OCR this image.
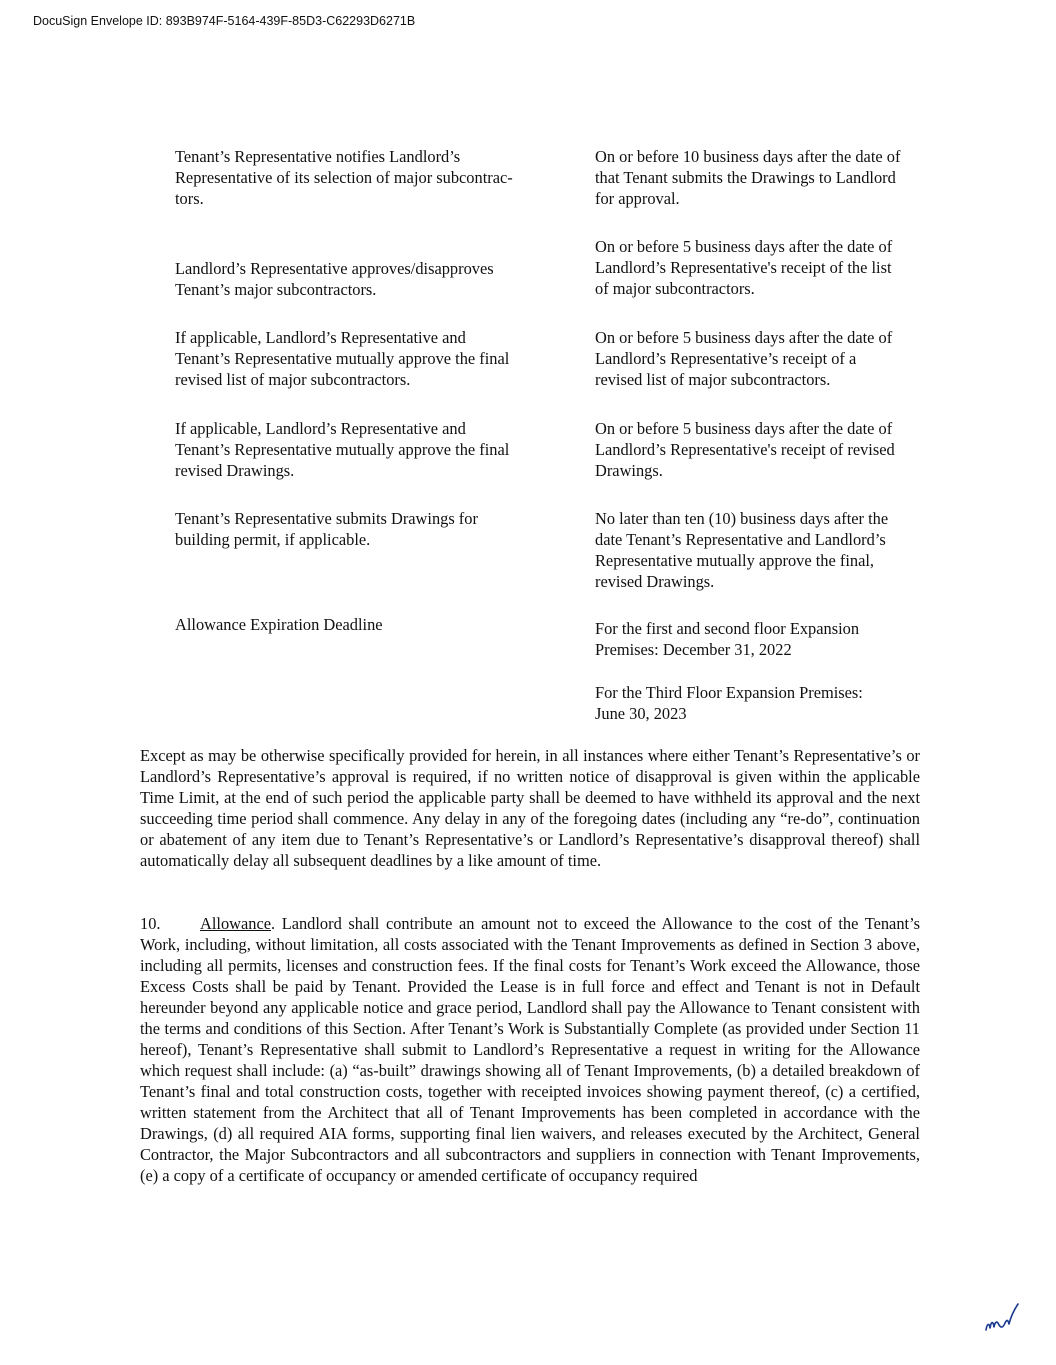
DocuSign Envelope ID: 893B974F-5164-439F-85D3-C62293D6271B
Tenant’s Representative notifies Landlord’s
Representative of its selection of major subcontrac-
tors.
On or before 10 business days after the date of
that Tenant submits the Drawings to Landlord
for approval.
Landlord’s Representative approves/disapproves
Tenant’s major subcontractors.
On or before 5 business days after the date of
Landlord’s Representative's receipt of the list
of major subcontractors.
If applicable, Landlord’s Representative and
Tenant’s Representative mutually approve the final
revised list of major subcontractors.
On or before 5 business days after the date of
Landlord’s Representative’s receipt of a
revised list of major subcontractors.
If applicable, Landlord’s Representative and
Tenant’s Representative mutually approve the final
revised Drawings.
On or before 5 business days after the date of
Landlord’s Representative's receipt of revised
Drawings.
Tenant’s Representative submits Drawings for
building permit, if applicable.
No later than ten (10) business days after the
date Tenant’s Representative and Landlord’s
Representative mutually approve the final,
revised Drawings.
Allowance Expiration Deadline	For the first and second floor Expansion
Premises: December 31, 2022
For the Third Floor Expansion Premises:
June 30, 2023
Except as may be otherwise specifically provided for herein, in all instances where either Tenant’s Representative’s or Landlord’s Representative’s approval is required, if no written notice of disapproval is given within the applicable Time Limit, at the end of such period the applicable party shall be deemed to have withheld its approval and the next succeeding time period shall commence. Any delay in any of the foregoing dates (including any “re-do”, continuation or abatement of any item due to Tenant’s Representative’s or Landlord’s Representative’s disapproval thereof) shall automatically delay all subsequent deadlines by a like amount of time.
10. Allowance. Landlord shall contribute an amount not to exceed the Allowance to the cost of the Tenant’s Work, including, without limitation, all costs associated with the Tenant Improvements as defined in Section 3 above, including all permits, licenses and construction fees. If the final costs for Tenant’s Work exceed the Allowance, those Excess Costs shall be paid by Tenant. Provided the Lease is in full force and effect and Tenant is not in Default hereunder beyond any applicable notice and grace period, Landlord shall pay the Allowance to Tenant consistent with the terms and conditions of this Section. After Tenant’s Work is Substantially Complete (as provided under Section 11 hereof), Tenant’s Representative shall submit to Landlord’s Representative a request in writing for the Allowance which request shall include: (a) “as-built” drawings showing all of Tenant Improvements, (b) a detailed breakdown of Tenant’s final and total construction costs, together with receipted invoices showing payment thereof, (c) a certified, written statement from the Architect that all of Tenant Improvements has been completed in accordance with the Drawings, (d) all required AIA forms, supporting final lien waivers, and releases executed by the Architect, General Contractor, the Major Subcontractors and all subcontractors and suppliers in connection with Tenant Improvements, (e) a copy of a certificate of occupancy or amended certificate of occupancy required
